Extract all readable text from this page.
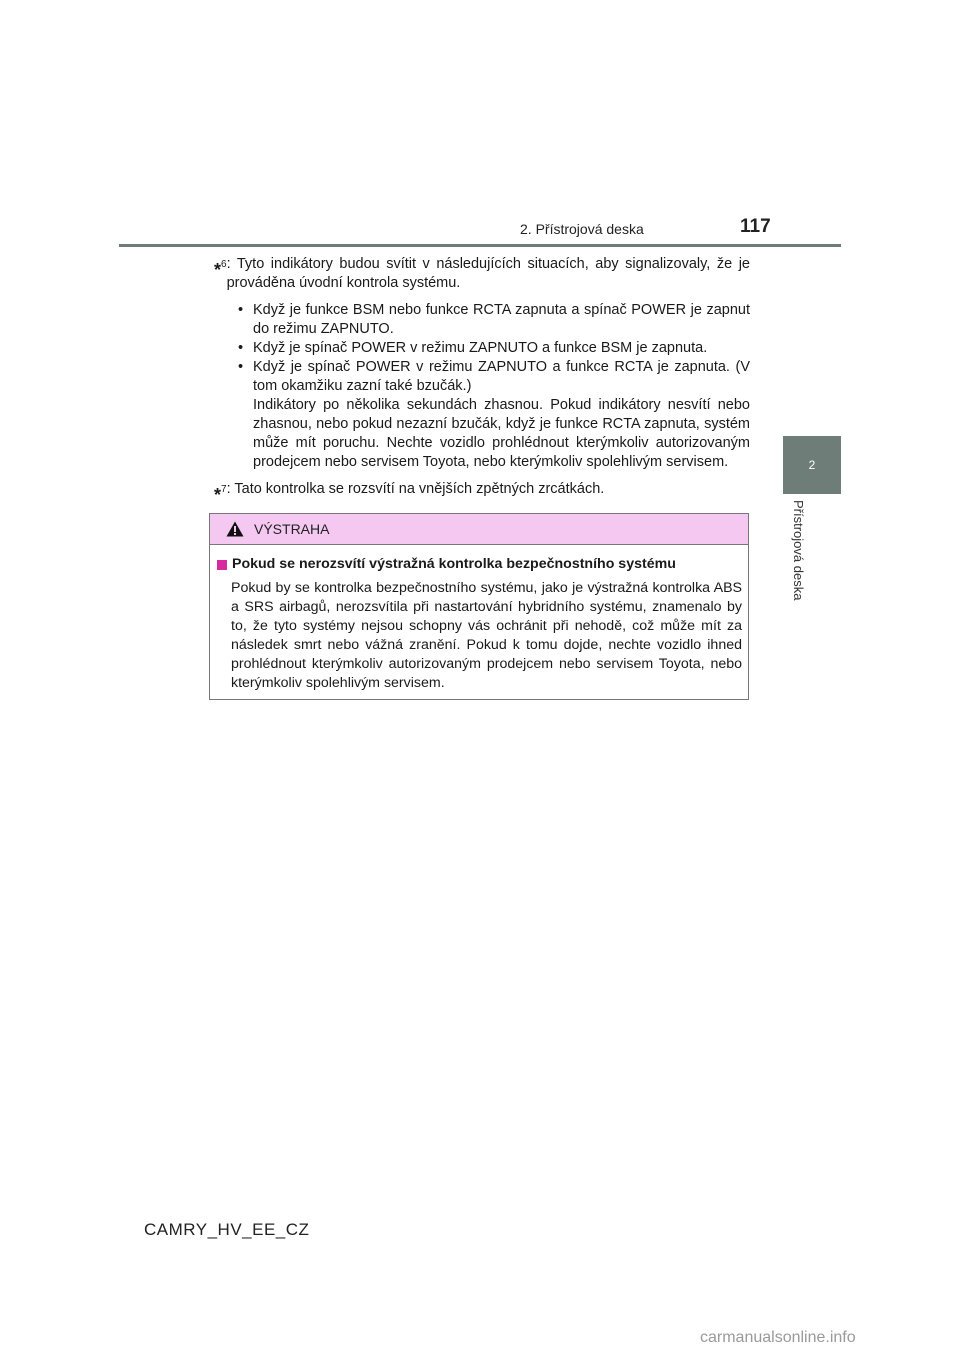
2. Přístrojová deska	117
2
Přístrojová deska
*$^6$ : Tyto indikátory budou svítit v následujících situacích, aby signalizovaly, že je prováděna úvodní kontrola systému.
• Když je funkce BSM nebo funkce RCTA zapnuta a spínač POWER je zapnut do režimu ZAPNUTO.
• Když je spínač POWER v režimu ZAPNUTO a funkce BSM je zapnuta.
• Když je spínač POWER v režimu ZAPNUTO a funkce RCTA je zapnuta. (V tom okamžiku zazní také bzučák.)

Indikátory po několika sekundách zhasnou. Pokud indikátory nesvítí nebo zhasnou, nebo pokud nezazní bzučák, když je funkce RCTA zapnuta, systém může mít poruchu. Nechte vozidlo prohlédnout kterýmkoliv autorizovaným prodejcem nebo servisem Toyota, nebo kterýmkoliv spolehlivým servisem.

*$^7$ : Tato kontrolka se rozsvítí na vnějších zpětných zrcátkách.
VÝSTRAHA
Pokud se nerozsvítí výstražná kontrolka bezpečnostního systému

Pokud by se kontrolka bezpečnostního systému, jako je výstražná kontrolka ABS a SRS airbagů, nerozsvítila při nastartování hybridního systému, znamenalo by to, že tyto systémy nejsou schopny vás ochránit při nehodě, což může mít za následek smrt nebo vážná zranění. Pokud k tomu dojde, nechte vozidlo ihned prohlédnout kterýmkoliv autorizovaným prodejcem nebo servisem Toyota, nebo kterýmkoliv spolehlivým servisem.

CAMRY_HV_EE_CZ
carmanualsonline.info
